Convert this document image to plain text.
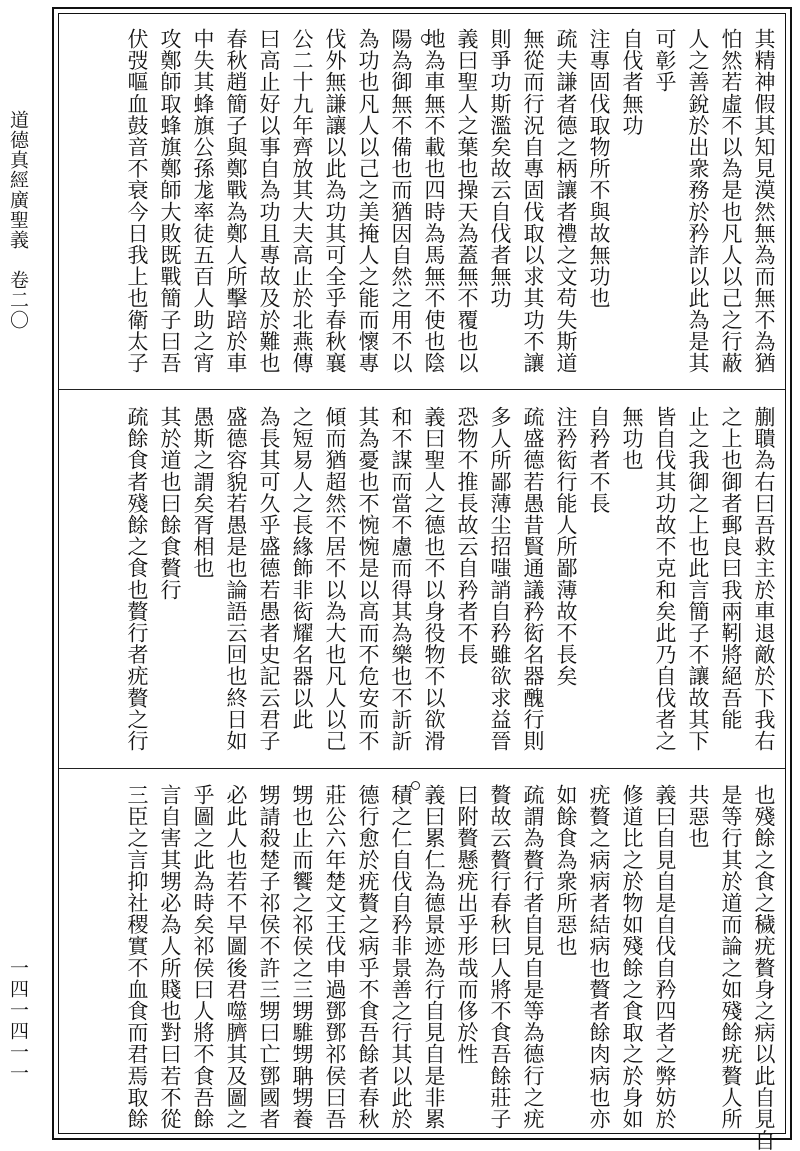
道德真經廣聖義　卷二〇
一四一四一一
其精神假其知見漠然無為而無不為猶
怕然若虛不以為是也凡人以己之行蔽
人之善銳於出衆務於矜詐以此為是其
可彰乎
自伐者無功
注專固伐取物所不與故無功也
疏夫謙者德之柄讓者禮之文苟失斯道
無從而行況自專固伐取以求其功不讓
則爭功斯濫矣故云自伐者無功
義曰聖人之葉也操天為蓋無不覆也以
地為車無不載也四時為馬無不使也陰
陽為御無不備也而猶因自然之用不以
為功也凡人以己之美掩人之能而懷專
伐外無謙讓以此為功其可全乎春秋襄
公二十九年齊放其大夫高止於北燕傳
曰高止好以事自為功且專故及於難也
春秋趙簡子與鄭戰為鄭人所擊踣於車
中失其蜂旗公孫尨率徒五百人助之宵
攻鄭師取蜂旗鄭師大敗既戰簡子曰吾
伏弢嘔血鼓音不衰今日我上也衛太子
蒯聵為右曰吾救主於車退敵於下我右
之上也御者郵良曰我兩靷將絕吾能
止之我御之上也此言簡子不讓故其下
皆自伐其功故不克和矣此乃自伐者之
無功也
自矜者不長
注矜衒行能人所鄙薄故不長矣
疏盛德若愚昔賢通議矜衒名器醜行則
多人所鄙薄尘招嗤誚自矜雖欲求益晉
恐物不推長故云自矜者不長
義曰聖人之德也不以身役物不以欲滑
和不謀而當不慮而得其為樂也不訢訢
其為憂也不惋惋是以高而不危安而不
傾而猶超然不居不以為大也凡人以己
之短易人之長緣飾非衒耀名器以此
為長其可久乎盛德若愚者史記云君子
盛德容貌若愚是也論語云回也終日如
愚斯之謂矣胥相也
其於道也曰餘食贅行
疏餘食者殘餘之食也贅行者疣贅之行
也殘餘之食之穢疣贅身之病以此自見自
是等行其於道而論之如殘餘疣贅人所
共惡也
義曰自見自是自伐自矜四者之弊妨於
修道比之於物如殘餘之食取之於身如
疣贅之病病者結病也贅者餘肉病也亦
如餘食為衆所惡也
疏謂為贅行者自見自是等為德行之疣
贅故云贅行春秋曰人將不食吾餘莊子
曰附贅懸疣出乎形哉而侈於性
義曰累仁為德景迹為行自見自是非累
積之仁自伐自矜非景善之行其以此於
德行愈於疣贅之病乎不食吾餘者春秋
莊公六年楚文王伐申過鄧鄧祁侯曰吾
甥也止而饗之祁侯之三甥騅甥聃甥養
甥請殺楚子祁侯不許三甥曰亡鄧國者
必此人也若不早圖後君噬臍其及圖之
乎圖之此為時矣祁侯曰人將不食吾餘
言自害其甥必為人所賤也對曰若不從
三臣之言抑社稷實不血食而君焉取餘
